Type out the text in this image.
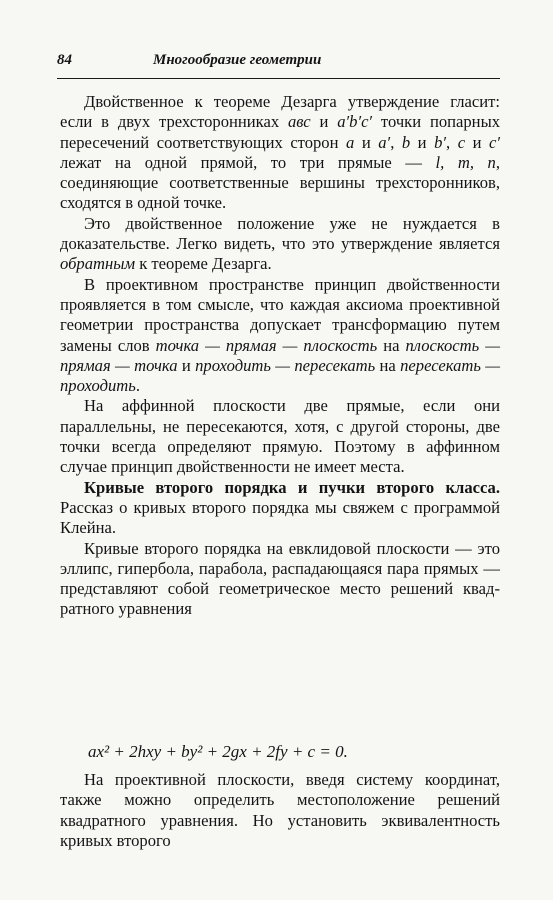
84	Многообразие геометрии

Двойственное к теореме Дезарга утверждение гласит: если в двух трехсторонниках авс и a′b′c′ точки попарных пересечений соответствующих сторон a и a′, b и b′, c и c′ лежат на одной прямой, то три прямые — l, m, n, соединяющие соответственные вершины трехсторонников, сходятся в одной точке.

Это двойственное положение уже не нуждается в доказательстве. Легко видеть, что это утверждение является обратным к теореме Дезарга.

В проективном пространстве принцип двойственности проявляется в том смысле, что каждая аксиома проективной геометрии пространства допускает трансформацию путем замены слов точка — прямая — плоскость на плоскость — прямая — точка и проходить — пересекать на пересекать — проходить.

На аффинной плоскости две прямые, если они параллельны, не пересекаются, хотя, с другой стороны, две точки всегда определяют прямую. Поэтому в аффинном случае принцип двойственности не имеет места.

Кривые второго порядка и пучки второго класса. Рассказ о кривых второго порядка мы свяжем с программой Клейна.

Кривые второго порядка на евклидовой плоскости — это эллипс, гипербола, парабола, распадающаяся пара прямых — представляют собой геометрическое место решений квадратного уравнения

ax² + 2hxy + by² + 2gx + 2fy + c = 0.

На проективной плоскости, введя систему координат, также можно определить местоположение решений квадратного уравнения. Но установить эквивалентность кривых второго
